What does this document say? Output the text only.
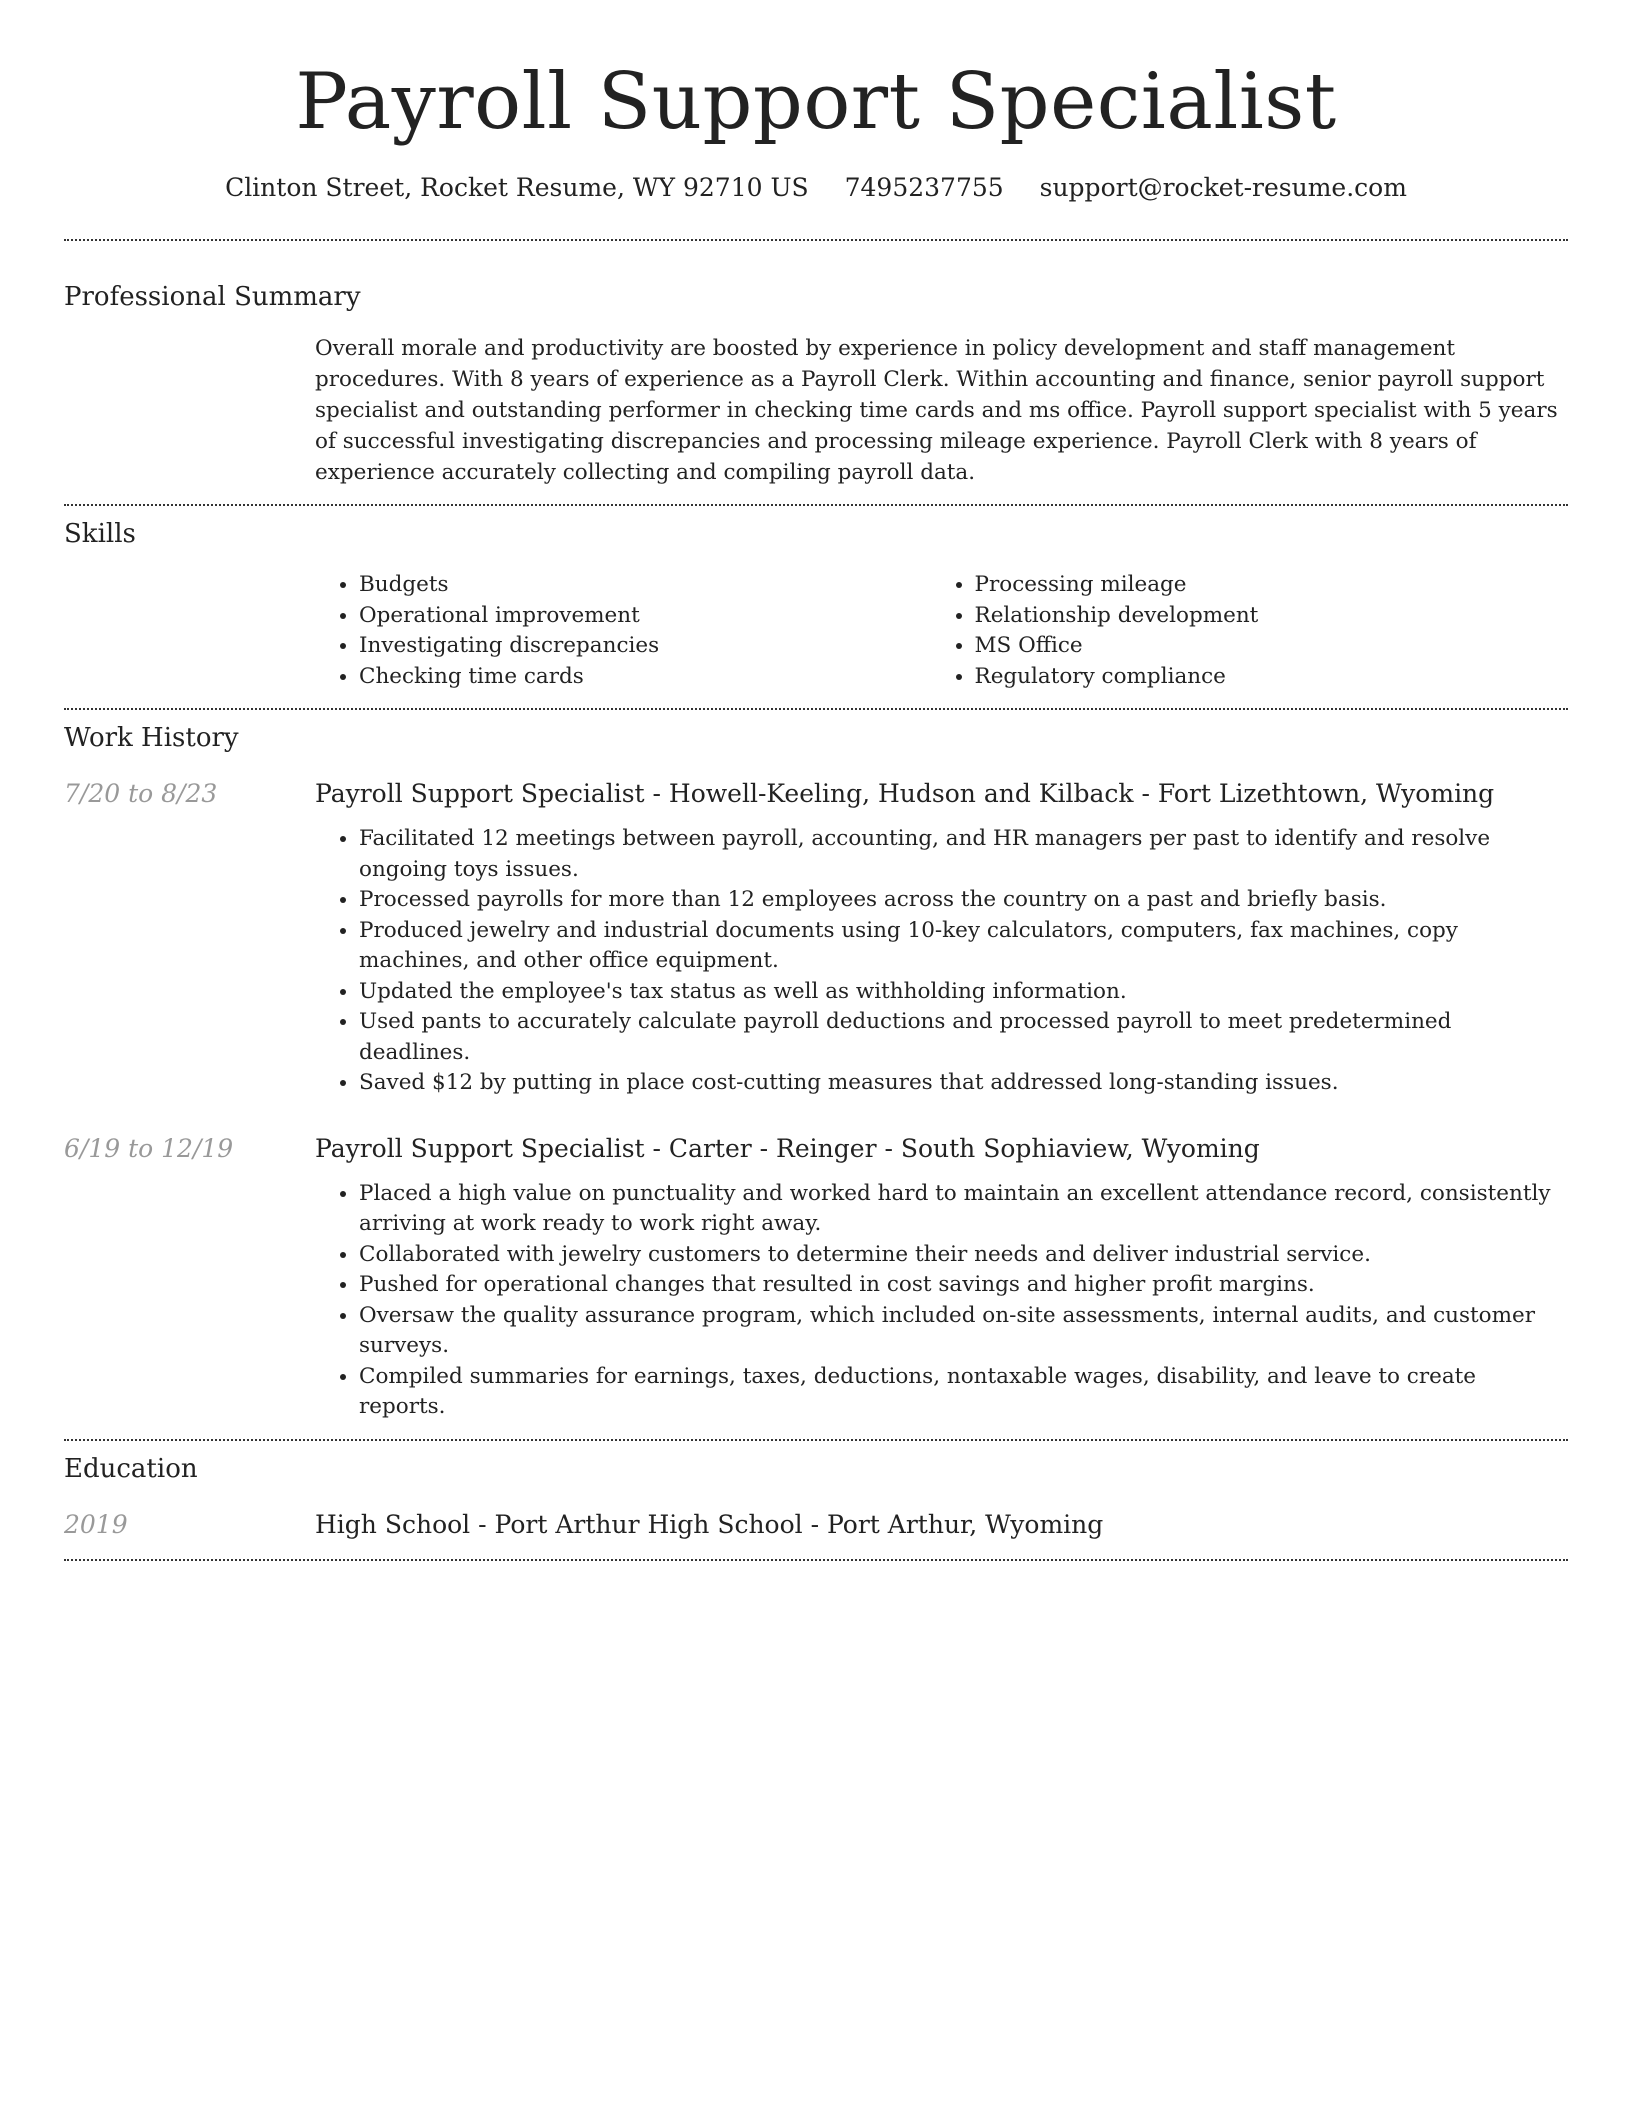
Payroll Support Specialist
Clinton Street, Rocket Resume, WY 92710 US 7495237755 support@rocket-resume.com
Professional Summary

Overall morale and productivity are boosted by experience in policy development and staff management procedures. With 8 years of experience as a Payroll Clerk. Within accounting and finance, senior payroll support specialist and outstanding performer in checking time cards and ms office. Payroll support specialist with 5 years of successful investigating discrepancies and processing mileage experience. Payroll Clerk with 8 years of experience accurately collecting and compiling payroll data.

Skills
• Budgets
• Operational improvement
• Investigating discrepancies
• Checking time cards
• Processing mileage
• Relationship development
• MS Office
• Regulatory compliance
Work History
7/20 to 8/23	Payroll Support Specialist - Howell-Keeling, Hudson and Kilback - Fort Lizethtown, Wyoming
• Facilitated 12 meetings between payroll, accounting, and HR managers per past to identify and resolve ongoing toys issues.
• Processed payrolls for more than 12 employees across the country on a past and briefly basis.
• Produced jewelry and industrial documents using 10-key calculators, computers, fax machines, copy machines, and other office equipment.
• Updated the employee's tax status as well as withholding information.
• Used pants to accurately calculate payroll deductions and processed payroll to meet predetermined deadlines.
• Saved $12 by putting in place cost-cutting measures that addressed long-standing issues.
6/19 to 12/19	Payroll Support Specialist - Carter - Reinger - South Sophiaview, Wyoming
• Placed a high value on punctuality and worked hard to maintain an excellent attendance record, consistently arriving at work ready to work right away.
• Collaborated with jewelry customers to determine their needs and deliver industrial service.
• Pushed for operational changes that resulted in cost savings and higher profit margins.
• Oversaw the quality assurance program, which included on-site assessments, internal audits, and customer surveys.
• Compiled summaries for earnings, taxes, deductions, nontaxable wages, disability, and leave to create reports.
Education
2019	High School - Port Arthur High School - Port Arthur, Wyoming
